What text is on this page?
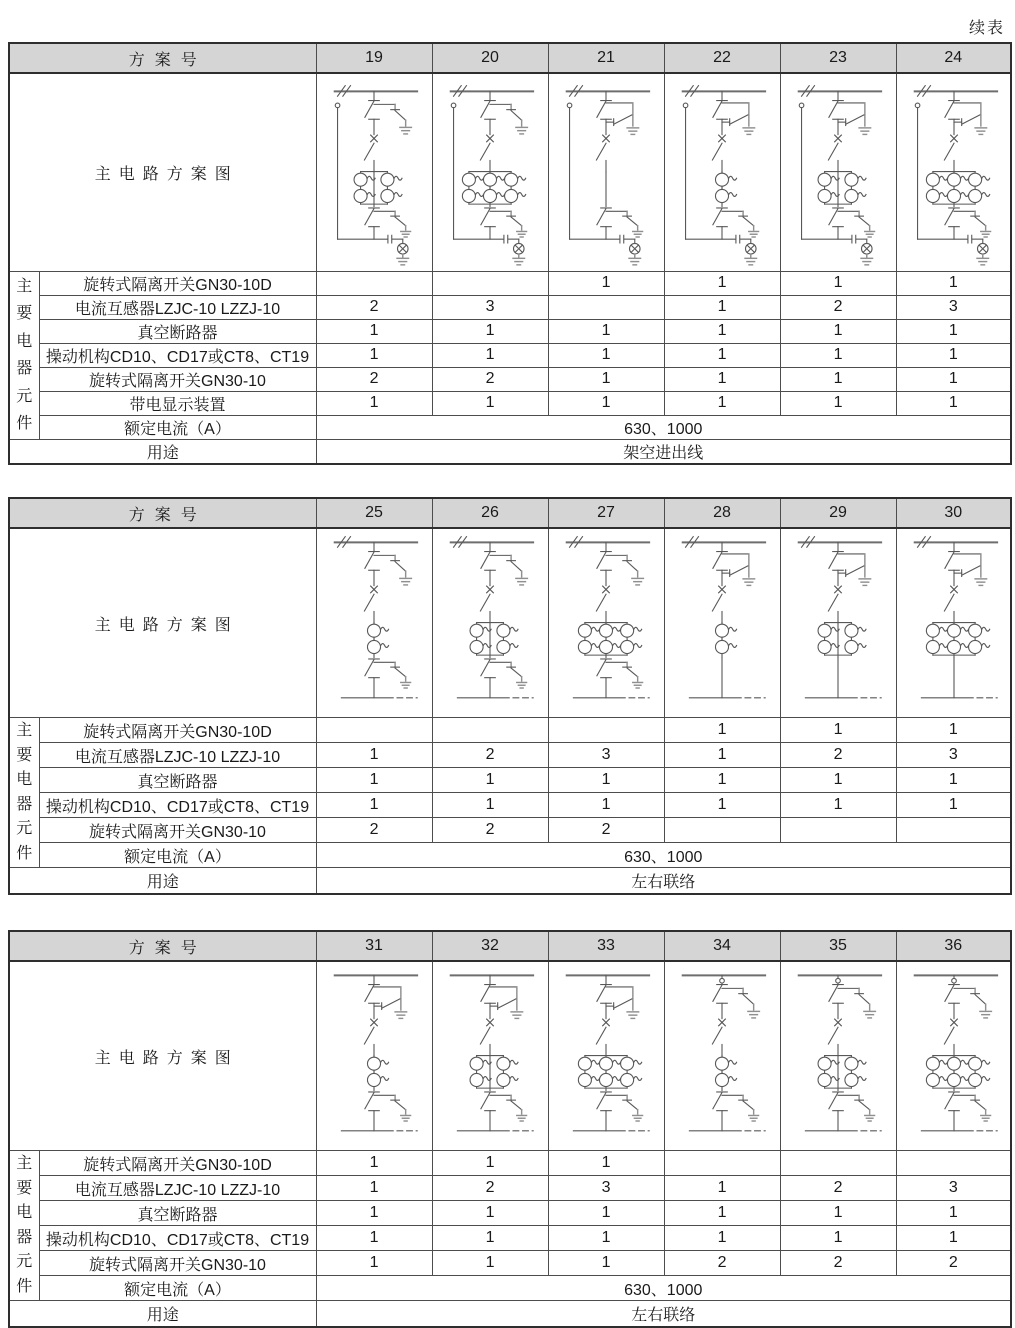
续表
方案号		19	20	21	22	23	24
主电路方案图	

主要电器元件	旋转式隔离开关GN30-10D			1	1	1	1
	电流互感器LZJC-10 LZZJ-10	2	3		1	2	3
	真空断路器	1	1	1	1	1	1
	操动机构CD10、CD17或CT8、CT19	1	1	1	1	1	1
	旋转式隔离开关GN30-10	2	2	1	1	1	1
	带电显示装置	1	1	1	1	1	1
	额定电流（A）	630、1000					
用途		架空进出线					
方案号		25	26	27	28	29	30
主电路方案图	

主要电器元件	旋转式隔离开关GN30-10D				1	1	1
	电流互感器LZJC-10 LZZJ-10	1	2	3	1	2	3
	真空断路器	1	1	1	1	1	1
	操动机构CD10、CD17或CT8、CT19	1	1	1	1	1	1
	旋转式隔离开关GN30-10	2	2	2			
	额定电流（A）	630、1000					
用途		左右联络					
方案号		31	32	33	34	35	36
主电路方案图	

主要电器元件	旋转式隔离开关GN30-10D	1	1	1			
	电流互感器LZJC-10 LZZJ-10	1	2	3	1	2	3
	真空断路器	1	1	1	1	1	1
	操动机构CD10、CD17或CT8、CT19	1	1	1	1	1	1
	旋转式隔离开关GN30-10	1	1	1	2	2	2
	额定电流（A）	630、1000					
用途		左右联络					
